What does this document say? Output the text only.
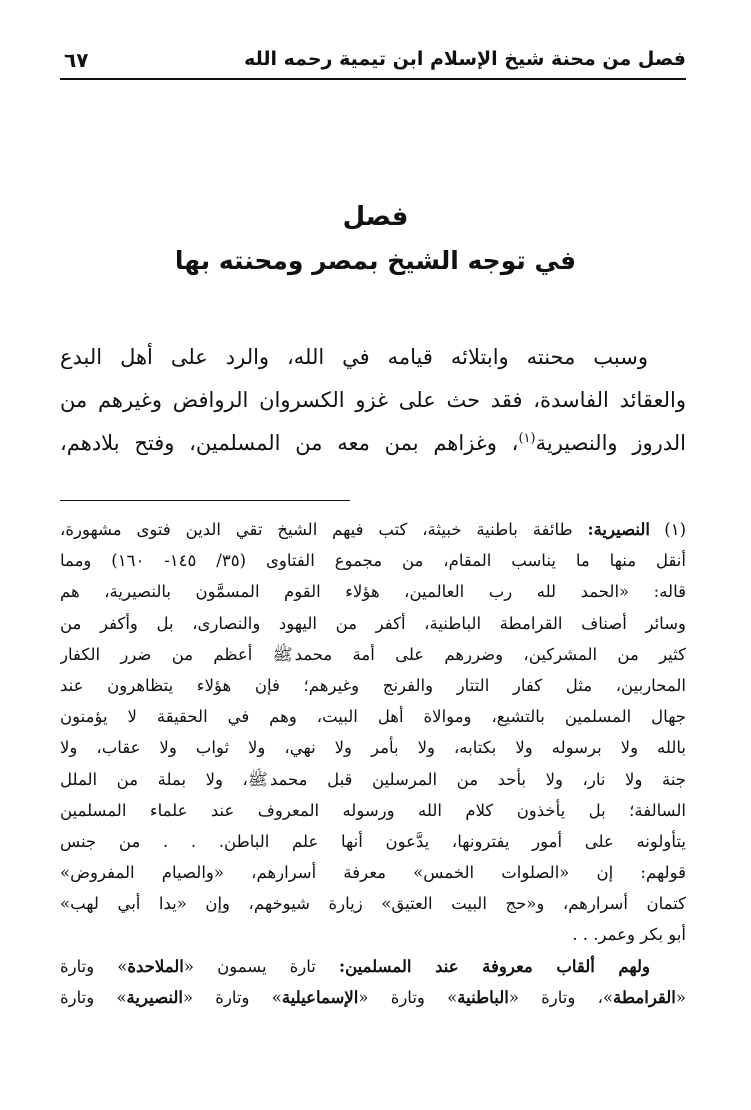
فصل من محنة شيخ الإسلام ابن تيمية رحمه الله
٦٧
فصل
في توجه الشيخ بمصر ومحنته بها
وسبب محنته وابتلائه قيامه في الله، والرد على أهل البدع
والعقائد الفاسدة، فقد حث على غزو الكسروان الروافض وغيرهم من
الدروز والنصيرية$^{(١)}$، وغزاهم بمن معه من المسلمين، وفتح بلادهم،
(١)
النصيرية: طائفة باطنية خبيثة، كتب فيهم الشيخ تقي الدين فتوى مشهورة،
أنقل منها ما يناسب المقام، من مجموع الفتاوى (٣٥/ ١٤٥- ١٦٠) ومما
قاله: «الحمد لله رب العالمين، هؤلاء القوم المسمَّون بالنصيرية، هم
وسائر أصناف القرامطة الباطنية، أكفر من اليهود والنصارى، بل وأكفر من
كثير من المشركين، وضررهم على أمة محمدﷺ أعظم من ضرر الكفار
المحاربين، مثل كفار التتار والفرنج وغيرهم؛ فإن هؤلاء يتظاهرون عند
جهال المسلمين بالتشيع، وموالاة أهل البيت، وهم في الحقيقة لا يؤمنون
بالله ولا برسوله ولا بكتابه، ولا بأمر ولا نهي، ولا ثواب ولا عقاب، ولا
جنة ولا نار، ولا بأحد من المرسلين قبل محمدﷺ، ولا بملة من الملل
السالفة؛ بل يأخذون كلام الله ورسوله المعروف عند علماء المسلمين
يتأولونه على أمور يفترونها، يدَّعون أنها علم الباطن. . . من جنس
قولهم: إن «الصلوات الخمس» معرفة أسرارهم، «والصيام المفروض»
كتمان أسرارهم، و«حج البيت العتيق» زيارة شيوخهم، وإن «يدا أبي لهب»
أبو بكر وعمر. . .
ولهم ألقاب معروفة عند المسلمين: تارة يسمون «الملاحدة» وتارة
«القرامطة»، وتارة «الباطنية» وتارة «الإسماعيلية» وتارة «النصيرية» وتارة
